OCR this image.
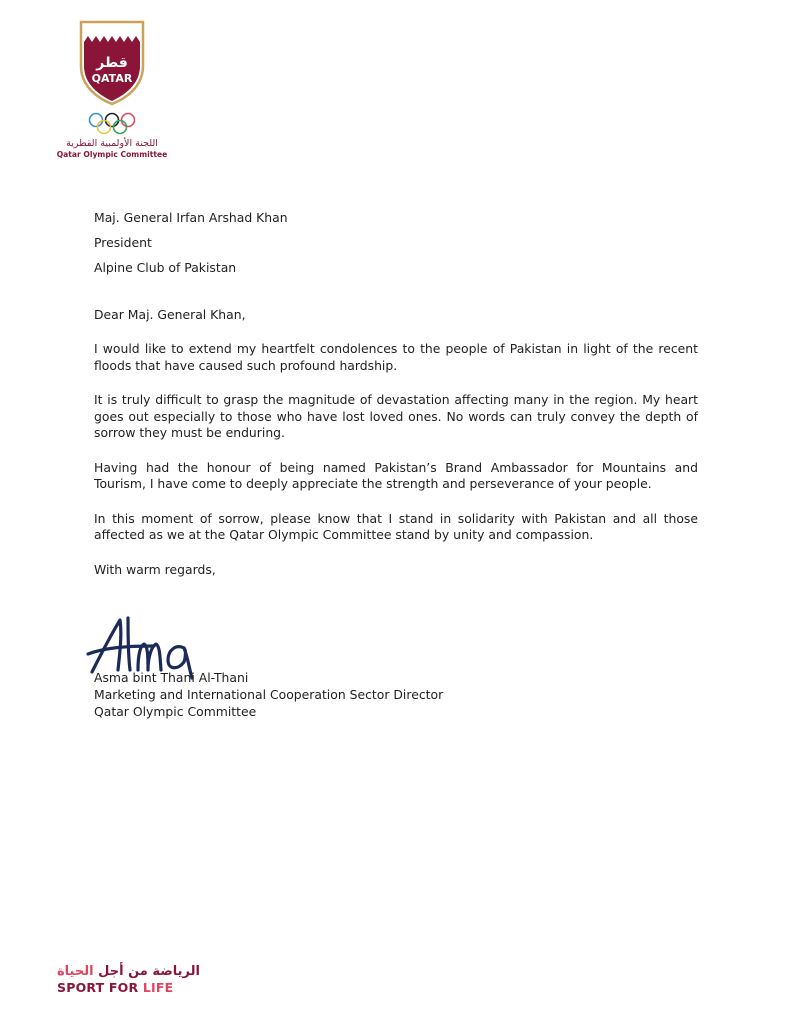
قطر
QATAR
اللجنة الأولمبية القطرية
Qatar Olympic Committee
Maj. General Irfan Arshad Khan
President
Alpine Club of Pakistan
Dear Maj. General Khan,
I would like to extend my heartfelt condolences to the people of Pakistan in light of the recent floods that have caused such profound hardship.
It is truly difficult to grasp the magnitude of devastation affecting many in the region. My heart goes out especially to those who have lost loved ones. No words can truly convey the depth of sorrow they must be enduring.
Having had the honour of being named Pakistan’s Brand Ambassador for Mountains and Tourism, I have come to deeply appreciate the strength and perseverance of your people.
In this moment of sorrow, please know that I stand in solidarity with Pakistan and all those affected as we at the Qatar Olympic Committee stand by unity and compassion.
With warm regards,
Asma bint Thani Al-Thani
Marketing and International Cooperation Sector Director
Qatar Olympic Committee
الرياضة من أجل الحياة
SPORT FOR LIFE
